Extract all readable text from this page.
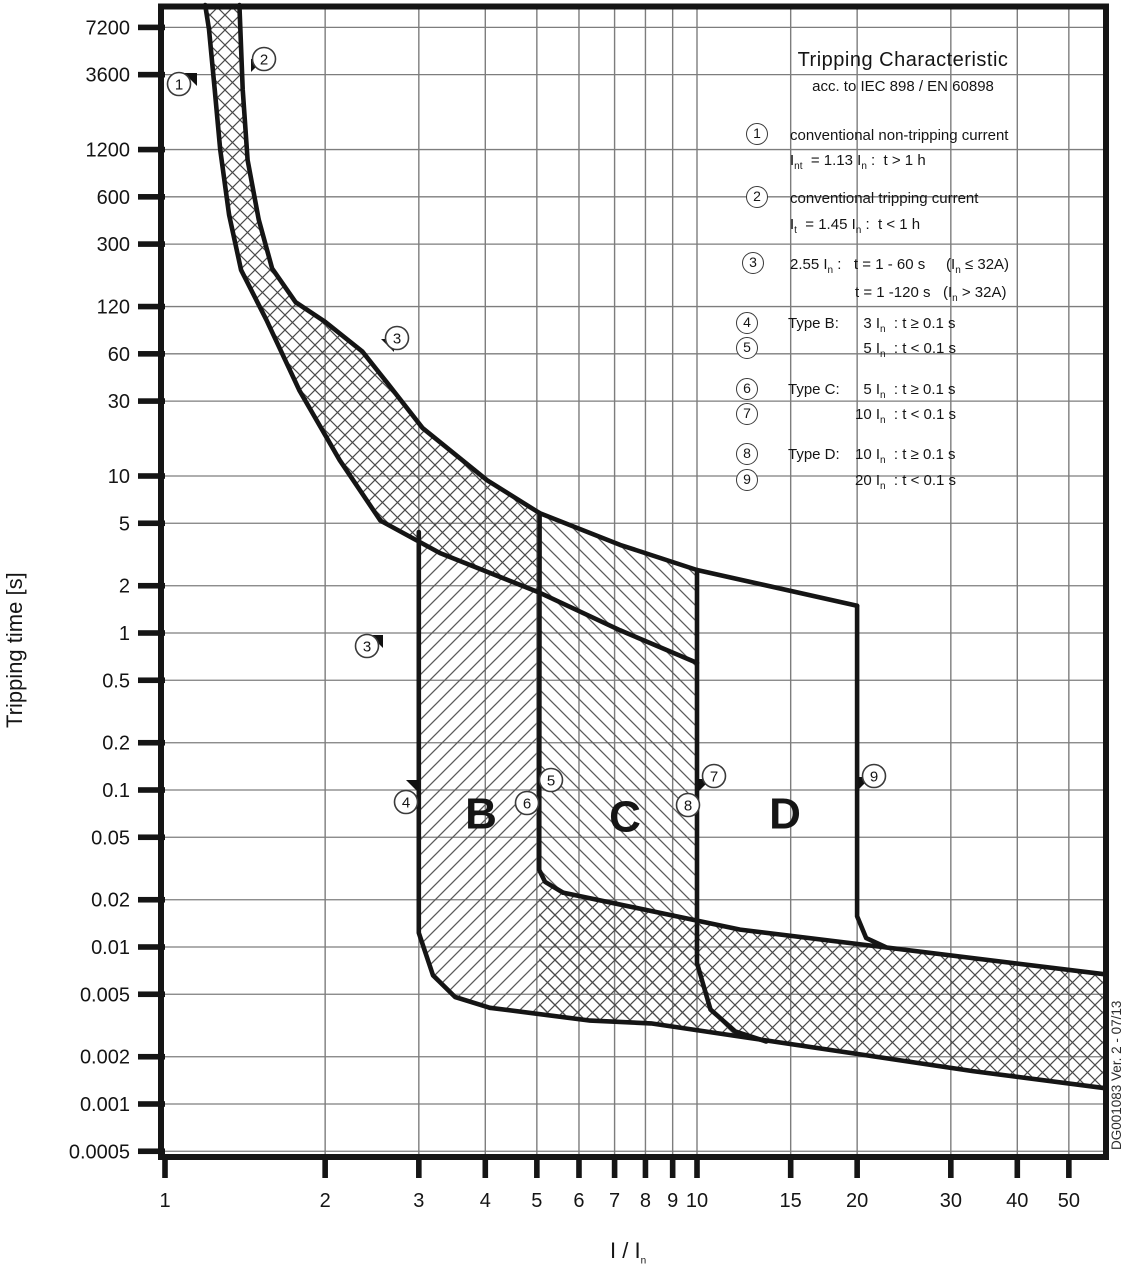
7200
3600
1200
600
300
120
60
30
10
5
2
1
0.5
0.2
0.1
0.05
0.02
0.01
0.005
0.002
0.001
0.0005
1	2	3	4 5 6 7 8 9 10	15 20	30 40 50
B	C	D
1
2
3
3
4
5
6
7
8
9
Tripping Characteristic
acc. to IEC 898 / EN 60898
1	conventional non-tripping current
$I_{nt} = 1.13$ $I_n$ :  t > 1 h
2	conventional tripping current
$I_t = 1.45$ $I_n$ :  t < 1 h
3	2.55 $I_n$ :   t = 1 - 60 s     $(I_n \le 32A)$
t = 1 -120 s   $(I_n > 32A)$
4	Type B: 3 $I_n$  : t ≥ 0.1 s
5	5 $I_n$  : t < 0.1 s
6	Type C: 5 $I_n$  : t ≥ 0.1 s
7	10 $I_n$  : t < 0.1 s
8	Type D: 10 $I_n$  : t ≥ 0.1 s
9	20 $I_n$  : t < 0.1 s
Tripping time [s]
I / $I_n$
DG001083 Ver. 2 - 07/13
